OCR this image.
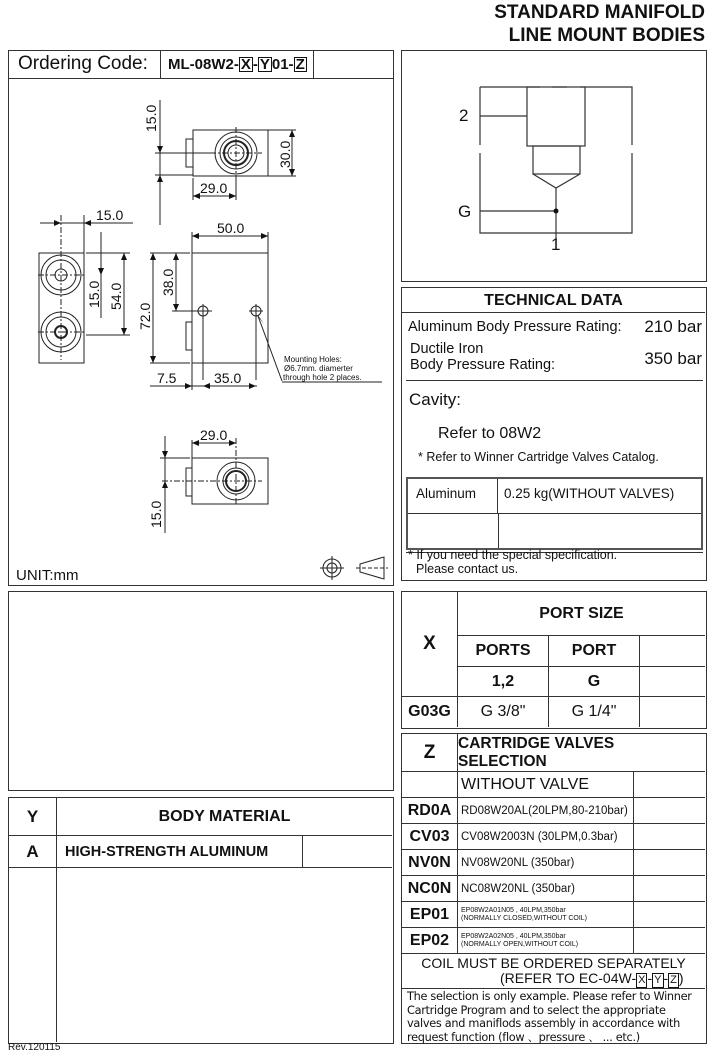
STANDARD MANIFOLD
LINE MOUNT BODIES
Ordering Code: ML-08W2- X - Y 01- Z
15.0
30.0
29.0
15.0
15.0 54.0
50.0
38.0
72.0
7.5	35.0
29.0
15.0
Mounting Holes:
Ø6.7mm. diamerter
through hole 2 places.
UNIT:mm
2
G
1
TECHNICAL DATA
Aluminum Body Pressure Rating: 210 bar
Ductile Iron
Body Pressure Rating:	350 bar
Cavity:
Refer to 08W2
* Refer to Winner Cartridge Valves Catalog.
Aluminum	0.25 kg(WITHOUT VALVES)
* If you need the special specification.
Please contact us.
X
PORT SIZE
PORTS	PORT
1,2	G
G03G	G 3/8"	G 1/4"
Z	CARTRIDGE VALVES SELECTION
WITHOUT VALVE
RD0A RD08W20AL(20LPM,80-210bar)
CV03 CV08W2003N (30LPM,0.3bar)
NV0N NV08W20NL (350bar)
NC0N NC08W20NL (350bar)
EP01	EP08W2A01N05 , 40LPM,350bar
(NORMALLY CLOSED,WITHOUT COIL)
EP02	EP08W2A02N05 , 40LPM,350bar
(NORMALLY OPEN,WITHOUT COIL)
COIL MUST BE ORDERED SEPARATELY
(REFER TO EC-04W- X - Y - Z )
The selection is only example. Please refer to Winner Cartridge Program and to select the appropriate valves and maniflods assembly in accordance with request function (flow 、pressure 、 ... etc.)
Y	BODY MATERIAL
A	HIGH-STRENGTH ALUMINUM
Rev.120115
